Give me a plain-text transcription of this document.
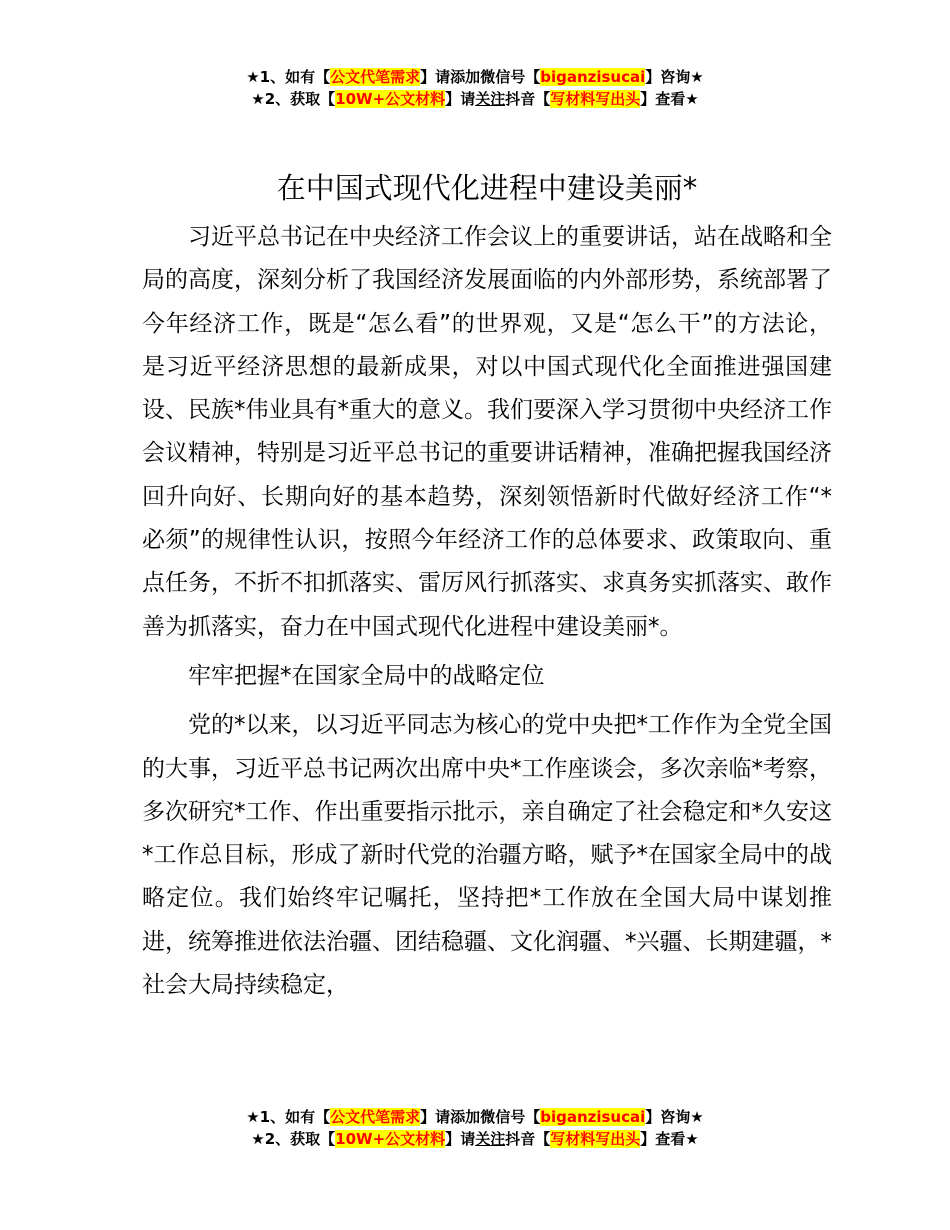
★1、如有【公文代笔需求】请添加微信号【biganzisucai】咨询★
★2、获取【10W+公文材料】请关注抖音【写材料写出头】查看★
在中国式现代化进程中建设美丽*

习近平总书记在中央经济工作会议上的重要讲话，站在战略和全局的高度，深刻分析了我国经济发展面临的内外部形势，系统部署了今年经济工作，既是“怎么看”的世界观，又是“怎么干”的方法论，是习近平经济思想的最新成果，对以中国式现代化全面推进强国建设、民族*伟业具有*重大的意义。我们要深入学习贯彻中央经济工作会议精神，特别是习近平总书记的重要讲话精神，准确把握我国经济回升向好、长期向好的基本趋势，深刻领悟新时代做好经济工作“*必须”的规律性认识，按照今年经济工作的总体要求、政策取向、重点任务，不折不扣抓落实、雷厉风行抓落实、求真务实抓落实、敢作善为抓落实，奋力在中国式现代化进程中建设美丽*。

牢牢把握*在国家全局中的战略定位

党的*以来，以习近平同志为核心的党中央把*工作作为全党全国的大事，习近平总书记两次出席中央*工作座谈会，多次亲临*考察，多次研究*工作、作出重要指示批示，亲自确定了社会稳定和*久安这*工作总目标，形成了新时代党的治疆方略，赋予*在国家全局中的战略定位。我们始终牢记嘱托，坚持把*工作放在全国大局中谋划推进，统筹推进依法治疆、团结稳疆、文化润疆、*兴疆、长期建疆，*社会大局持续稳定，

★1、如有【公文代笔需求】请添加微信号【biganzisucai】咨询★
★2、获取【10W+公文材料】请关注抖音【写材料写出头】查看★
